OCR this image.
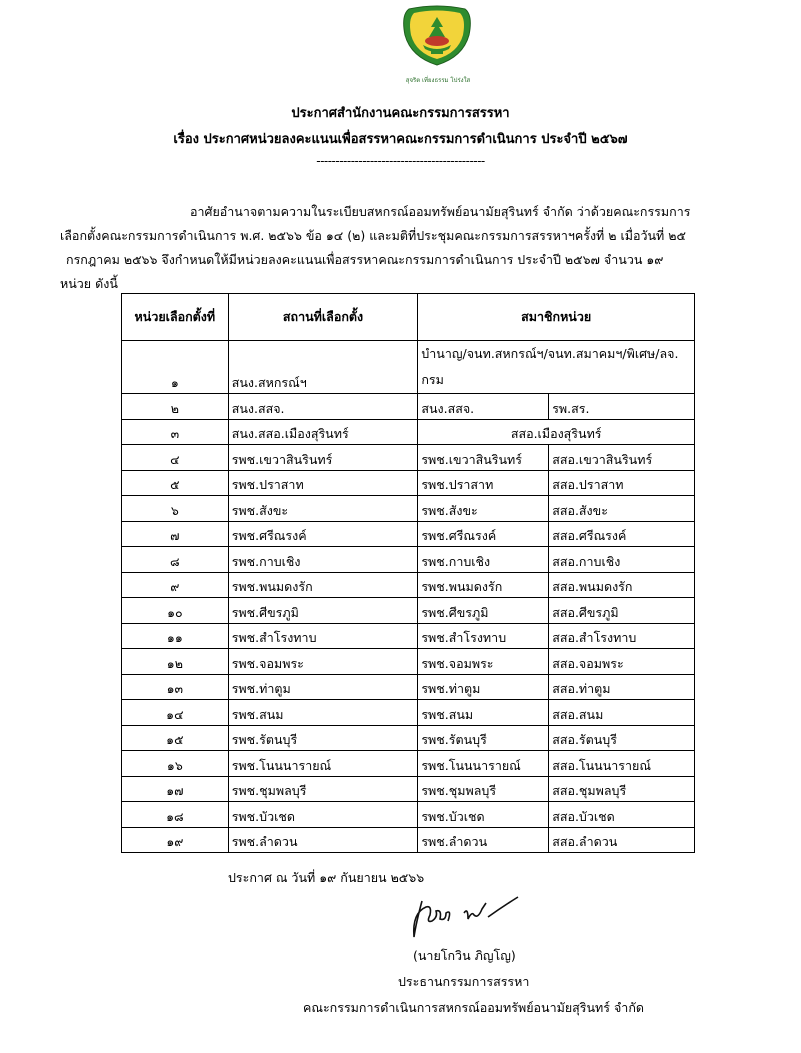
สุจริต เที่ยงธรรม โปร่งใส
ประกาศสำนักงานคณะกรรมการสรรหา
เรื่อง ประกาศหน่วยลงคะแนนเพื่อสรรหาคณะกรรมการดำเนินการ ประจำปี ๒๕๖๗
--------------------------------------------
อาศัยอำนาจตามความในระเบียบสหกรณ์ออมทรัพย์อนามัยสุรินทร์ จำกัด ว่าด้วยคณะกรรมการ
เลือกตั้งคณะกรรมการดำเนินการ พ.ศ. ๒๕๖๖ ข้อ ๑๔ (๒) และมติที่ประชุมคณะกรรมการสรรหาฯครั้งที่ ๒ เมื่อวันที่ ๒๕
กรกฎาคม ๒๕๖๖ จึงกำหนดให้มีหน่วยลงคะแนนเพื่อสรรหาคณะกรรมการดำเนินการ ประจำปี ๒๕๖๗ จำนวน ๑๙
หน่วย ดังนี้
หน่วยเลือกตั้งที่	สถานที่เลือกตั้ง	สมาชิกหน่วย	
๑	สนง.สหกรณ์ฯ	บำนาญ/จนท.สหกรณ์ฯ/จนท.สมาคมฯ/พิเศษ/ลจ.
กรม	

๒	สนง.สสจ.	สนง.สสจ.	รพ.สร.
๓	สนง.สสอ.เมืองสุรินทร์	สสอ.เมืองสุรินทร์	
๔	รพช.เขวาสินรินทร์	รพช.เขวาสินรินทร์	สสอ.เขวาสินรินทร์
๕	รพช.ปราสาท	รพช.ปราสาท	สสอ.ปราสาท
๖	รพช.สังขะ	รพช.สังขะ	สสอ.สังขะ
๗	รพช.ศรีณรงค์	รพช.ศรีณรงค์	สสอ.ศรีณรงค์
๘	รพช.กาบเชิง	รพช.กาบเชิง	สสอ.กาบเชิง
๙	รพช.พนมดงรัก	รพช.พนมดงรัก	สสอ.พนมดงรัก
๑๐	รพช.ศีขรภูมิ	รพช.ศีขรภูมิ	สสอ.ศีขรภูมิ
๑๑	รพช.สำโรงทาบ	รพช.สำโรงทาบ	สสอ.สำโรงทาบ
๑๒	รพช.จอมพระ	รพช.จอมพระ	สสอ.จอมพระ
๑๓	รพช.ท่าตูม	รพช.ท่าตูม	สสอ.ท่าตูม
๑๔	รพช.สนม	รพช.สนม	สสอ.สนม
๑๕	รพช.รัตนบุรี	รพช.รัตนบุรี	สสอ.รัตนบุรี
๑๖	รพช.โนนนารายณ์	รพช.โนนนารายณ์	สสอ.โนนนารายณ์
๑๗	รพช.ชุมพลบุรี	รพช.ชุมพลบุรี	สสอ.ชุมพลบุรี
๑๘	รพช.บัวเชด	รพช.บัวเชด	สสอ.บัวเชด
๑๙	รพช.ลำดวน	รพช.ลำดวน	สสอ.ลำดวน
ประกาศ ณ วันที่ ๑๙ กันยายน ๒๕๖๖
(นายโกวิน ภิญโญ)
ประธานกรรมการสรรหา
คณะกรรมการดำเนินการสหกรณ์ออมทรัพย์อนามัยสุรินทร์ จำกัด
